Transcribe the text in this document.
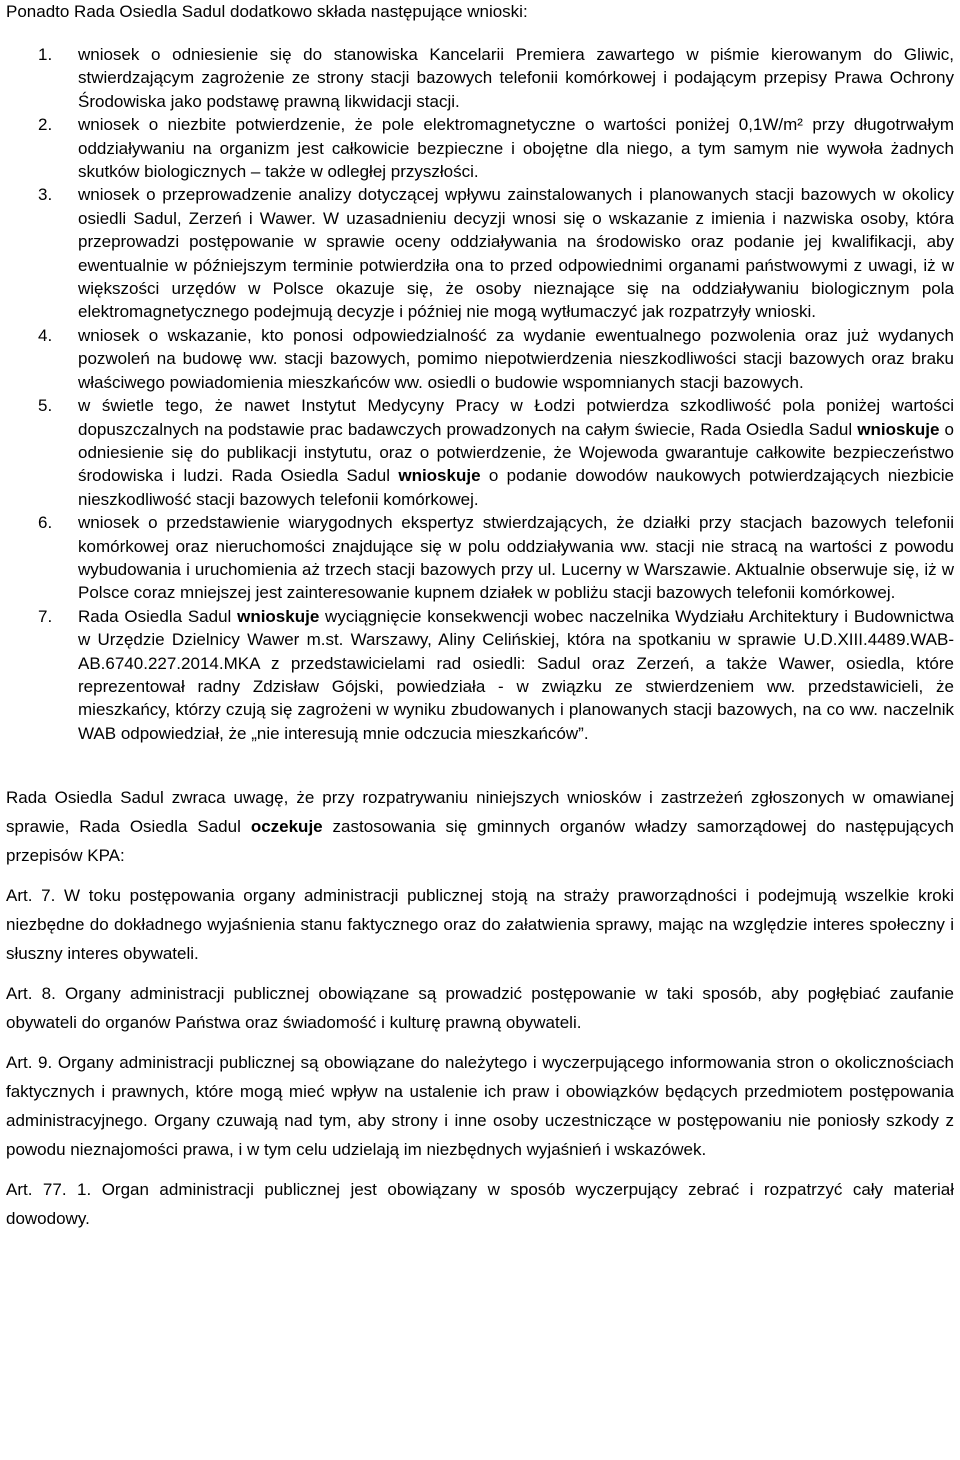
Ponadto Rada Osiedla Sadul dodatkowo składa następujące wnioski:

1. wniosek o odniesienie się do stanowiska Kancelarii Premiera zawartego w piśmie kierowanym do Gliwic, stwierdzającym zagrożenie ze strony stacji bazowych telefonii komórkowej i podającym przepisy Prawa Ochrony Środowiska jako podstawę prawną likwidacji stacji.
2. wniosek o niezbite potwierdzenie, że pole elektromagnetyczne o wartości poniżej 0,1W/m² przy długotrwałym oddziaływaniu na organizm jest całkowicie bezpieczne i obojętne dla niego, a tym samym nie wywoła żadnych skutków biologicznych – także w odległej przyszłości.
3. wniosek o przeprowadzenie analizy dotyczącej wpływu zainstalowanych i planowanych stacji bazowych w okolicy osiedli Sadul, Zerzeń i Wawer. W uzasadnieniu decyzji wnosi się o wskazanie z imienia i nazwiska osoby, która przeprowadzi postępowanie w sprawie oceny oddziaływania na środowisko oraz podanie jej kwalifikacji, aby ewentualnie w późniejszym terminie potwierdziła ona to przed odpowiednimi organami państwowymi z uwagi, iż w większości urzędów w Polsce okazuje się, że osoby nieznające się na oddziaływaniu biologicznym pola elektromagnetycznego podejmują decyzje i później nie mogą wytłumaczyć jak rozpatrzyły wnioski.
4. wniosek o wskazanie, kto ponosi odpowiedzialność za wydanie ewentualnego pozwolenia oraz już wydanych pozwoleń na budowę ww. stacji bazowych, pomimo niepotwierdzenia nieszkodliwości stacji bazowych oraz braku właściwego powiadomienia mieszkańców ww. osiedli o budowie wspomnianych stacji bazowych.
5. w świetle tego, że nawet Instytut Medycyny Pracy w Łodzi potwierdza szkodliwość pola poniżej wartości dopuszczalnych na podstawie prac badawczych prowadzonych na całym świecie, Rada Osiedla Sadul wnioskuje o odniesienie się do publikacji instytutu, oraz o potwierdzenie, że Wojewoda gwarantuje całkowite bezpieczeństwo środowiska i ludzi. Rada Osiedla Sadul wnioskuje o podanie dowodów naukowych potwierdzających niezbicie nieszkodliwość stacji bazowych telefonii komórkowej.
6. wniosek o przedstawienie wiarygodnych ekspertyz stwierdzających, że działki przy stacjach bazowych telefonii komórkowej oraz nieruchomości znajdujące się w polu oddziaływania ww. stacji nie stracą na wartości z powodu wybudowania i uruchomienia aż trzech stacji bazowych przy ul. Lucerny w Warszawie. Aktualnie obserwuje się, iż w Polsce coraz mniejszej jest zainteresowanie kupnem działek w pobliżu stacji bazowych telefonii komórkowej.
7. Rada Osiedla Sadul wnioskuje wyciągnięcie konsekwencji wobec naczelnika Wydziału Architektury i Budownictwa w Urzędzie Dzielnicy Wawer m.st. Warszawy, Aliny Celińskiej, która na spotkaniu w sprawie U.D.XIII.4489.WAB-AB.6740.227.2014.MKA z przedstawicielami rad osiedli: Sadul oraz Zerzeń, a także Wawer, osiedla, które reprezentował radny Zdzisław Gójski, powiedziała - w związku ze stwierdzeniem ww. przedstawicieli, że mieszkańcy, którzy czują się zagrożeni w wyniku zbudowanych i planowanych stacji bazowych, na co ww. naczelnik WAB odpowiedział, że „nie interesują mnie odczucia mieszkańców”.

Rada Osiedla Sadul zwraca uwagę, że przy rozpatrywaniu niniejszych wniosków i zastrzeżeń zgłoszonych w omawianej sprawie, Rada Osiedla Sadul oczekuje zastosowania się gminnych organów władzy samorządowej do następujących przepisów KPA:

Art. 7. W toku postępowania organy administracji publicznej stoją na straży praworządności i podejmują wszelkie kroki niezbędne do dokładnego wyjaśnienia stanu faktycznego oraz do załatwienia sprawy, mając na względzie interes społeczny i słuszny interes obywateli.

Art. 8. Organy administracji publicznej obowiązane są prowadzić postępowanie w taki sposób, aby pogłębiać zaufanie obywateli do organów Państwa oraz świadomość i kulturę prawną obywateli.

Art. 9. Organy administracji publicznej są obowiązane do należytego i wyczerpującego informowania stron o okolicznościach faktycznych i prawnych, które mogą mieć wpływ na ustalenie ich praw i obowiązków będących przedmiotem postępowania administracyjnego. Organy czuwają nad tym, aby strony i inne osoby uczestniczące w postępowaniu nie poniosły szkody z powodu nieznajomości prawa, i w tym celu udzielają im niezbędnych wyjaśnień i wskazówek.

Art. 77. 1. Organ administracji publicznej jest obowiązany w sposób wyczerpujący zebrać i rozpatrzyć cały materiał dowodowy.
